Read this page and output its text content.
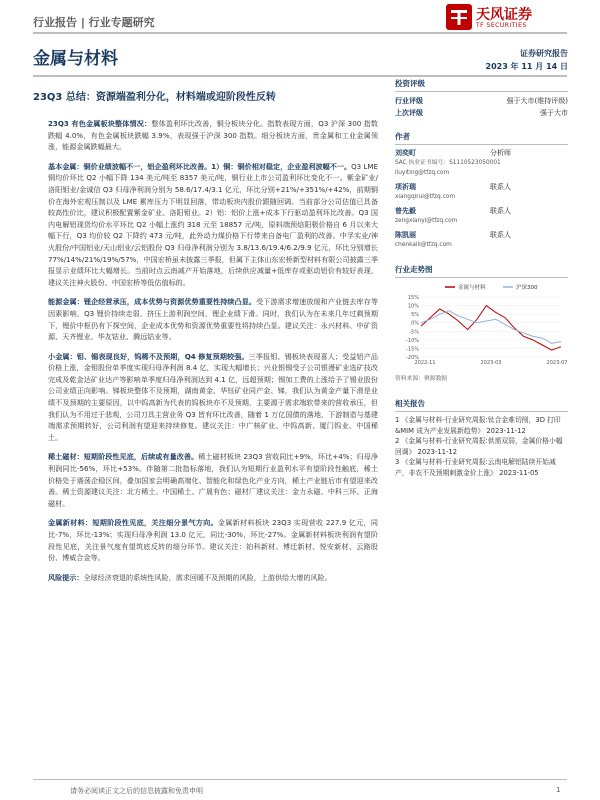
行业报告 | 行业专题研究	天风证券
TF SECURITIES
金属与材料	证券研究报告
2023 年 11 月 14 日
23Q3 总结：资源端盈利分化，材料端或迎阶段性反转

23Q3 有色金属板块整体情况：整体盈利环比改善，铜分板块分化。指数表现方面，Q3 沪深 300 指数跌幅 4.0%，有色金属板块跌幅 3.9%，表现强于沪深 300 指数。细分板块方面，贵金属和工业金属领涨，能源金属跌幅最大。

基本金属：铜价业绩波幅不一，铝企盈利环比改善。1）铜：铜价相对稳定，企业盈利波幅不一。Q3 LME 铜均价环比 Q2 小幅下降 134 美元/吨至 8357 美元/吨，铜行业上市公司盈利环比变化不一。紫金矿业/洛阳钼业/金诚信 Q3 归母净利润分别为 58.6/17.4/3.1 亿元，环比分别+21%/+351%/+42%，前期铜价在海外宏观压制以及 LME 累库压力下明显回落，带动板块内股价跟随回调。当前部分公司估值已具备较高性价比，建议积极配置紫金矿业、洛阳钼业。2）铝：铝价上涨+成本下行驱动盈利环比改善。Q3 国内电解铝现货均价水平环比 Q2 小幅上涨约 318 元至 18857 元/吨，原料端预焙阳极价格自 6 月以来大幅下行，Q3 均价较 Q2 下降约 473 元/吨，此外动力煤价格下行带来自备电厂盈利的改善。中孚实业/神火股份/中国铝业/天山铝业/云铝股份 Q3 归母净利润分别为 3.8/13.6/19.4/6.2/9.9 亿元，环比分别增长 77%/14%/21%/19%/57%，中国宏桥虽未披露三季报，但属下主体山东宏桥新型材料有限公司披露三季报显示业绩环比大幅增长。当前时点云南减产开始落地，后续供应减量+低库存或驱动铝价有较好表现，建议关注神火股份、中国宏桥等低估值标的。

能源金属：锂企经营承压，成本优势与资源优势重要性持续凸显。受下游需求增速放缓和产业链去库存等因素影响，Q3 锂价持续走弱，挤压上游利润空间，锂企业绩下滑。同时，我们认为在未来几年过剩预期下，锂价中枢仍有下探空间，企业成本优势和资源优势重要性将持续凸显。建议关注：永兴材料、中矿资源、天齐锂业、华友钴业、腾远钴业等。

小金属：钼、锡表现良好，钨稀不及预期，Q4 修复预期较强。三季报钼、锡板块表现喜人；受益铝产品价格上涨，金钼股份单季度实现归母净利润 8.4 亿，实现大幅增长；兴业银锡受子公司银漫矿业选矿技改完成及乾金达矿业达产等影响单季度归母净利润达到 4.1 亿，远超预期；锡加工费的上涨给予了锡业股份公司业绩正向影响。锑板块整体不及预期，湖南黄金、华钰矿业同产金、锑，我们认为黄金产量下滑是业绩不及预期的主要原因，以中钨高新为代表的钨板块亦不及预期，主要源于需求端软带来的营收承压，但我们认为不用过于悲观，公司刀具主营业务 Q3 皆有环比改善，随着 1 万亿国债的落地，下游制造与基建端需求预期转好，公司利润有望迎来持续修复。建议关注：中广核矿业、中钨高新、厦门钨业、中国稀土。

稀土磁材：短期阶段性见底，后续或有量改善。稀土磁材板块 23Q3 营收同比+9%，环比+4%；归母净利润同比-56%，环比+53%。伴随第二批指标落地，我们认为短期行业盈利水平有望阶段性触底，稀土价格处于震荡企稳区间，叠加国家会明确高端化、智能化和绿色化产业方向，稀土产业链后市有望迎来改善。稀土资源建议关注：北方稀土、中国稀土、广晟有色；磁材厂建议关注：金力永磁、中科三环、正海磁材。

金属新材料：短期阶段性见底，关注细分景气方向。金属新材料板块 23Q3 实现营收 227.9 亿元，同比-7%，环比-13%；实现归母净利润 13.0 亿元，同比-30%，环比-27%。金属新材料板块利润有望阶段性见底，关注景气度有望筑底反转的细分环节。建议关注：铂科新材、博迁新材、悦安新材、云路股份、博威合金等。

风险提示：全球经济衰退的系统性风险，需求回暖不及预期的风险，上游供给大增的风险。

投资评级
行业评级	强于大市(维持评级)
上次评级	强于大市
作者
刘奕町	分析师
SAC 执业证书编号：S1110523050001
liuyiting@tfzq.com
项祈瑞	联系人
xiangqirui@tfzq.com
曾先毅	联系人
zengxianyi@tfzq.com
陈凯丽	联系人
chenkaili@tfzq.com
行业走势图
15%
10%
5%
0%
-5%
-10%
-15%
-20%
2022-11	2023-03	2023-07
金属与材料	沪深300
资料来源：聚源数据
相关报告
1 《金属与材料-行业研究周报:钛合金难切削，3D 打印&MIM 成为产业发展新趋势》 2023-11-12
2 《金属与材料-行业研究周报:供需双弱，金属价格小幅回调》 2023-11-12
3 《金属与材料-行业研究周报:云南电解铝陆续开始减产，非农不及预期刺激金价上涨》 2023-11-05
请务必阅读正文之后的信息披露和免责申明	1
